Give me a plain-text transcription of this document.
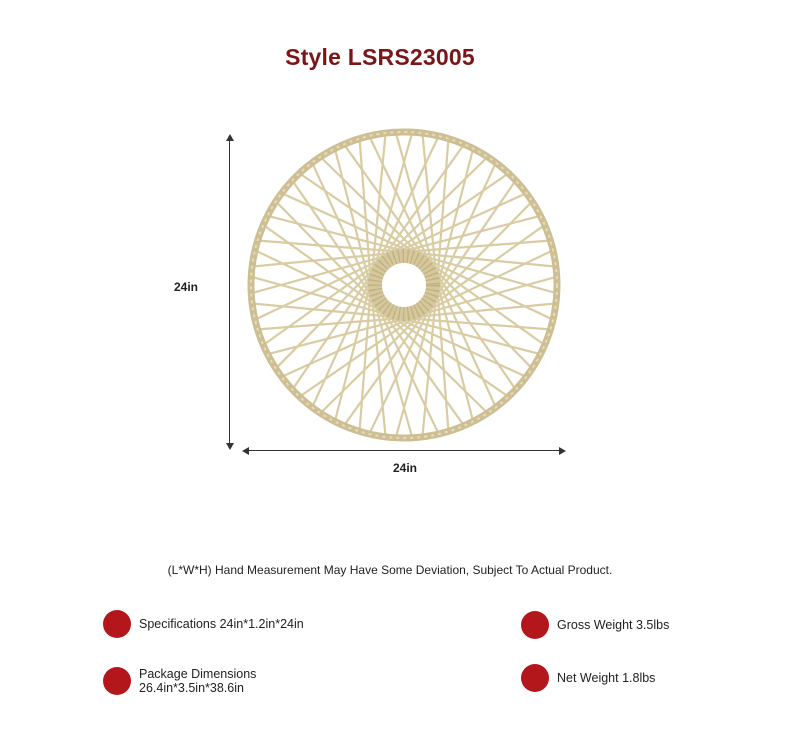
Style LSRS23005
24in
24in
(L*W*H) Hand Measurement May Have Some Deviation, Subject To Actual Product.
Specifications 24in*1.2in*24in
Package Dimensions
26.4in*3.5in*38.6in
Gross Weight 3.5lbs
Net Weight 1.8lbs
